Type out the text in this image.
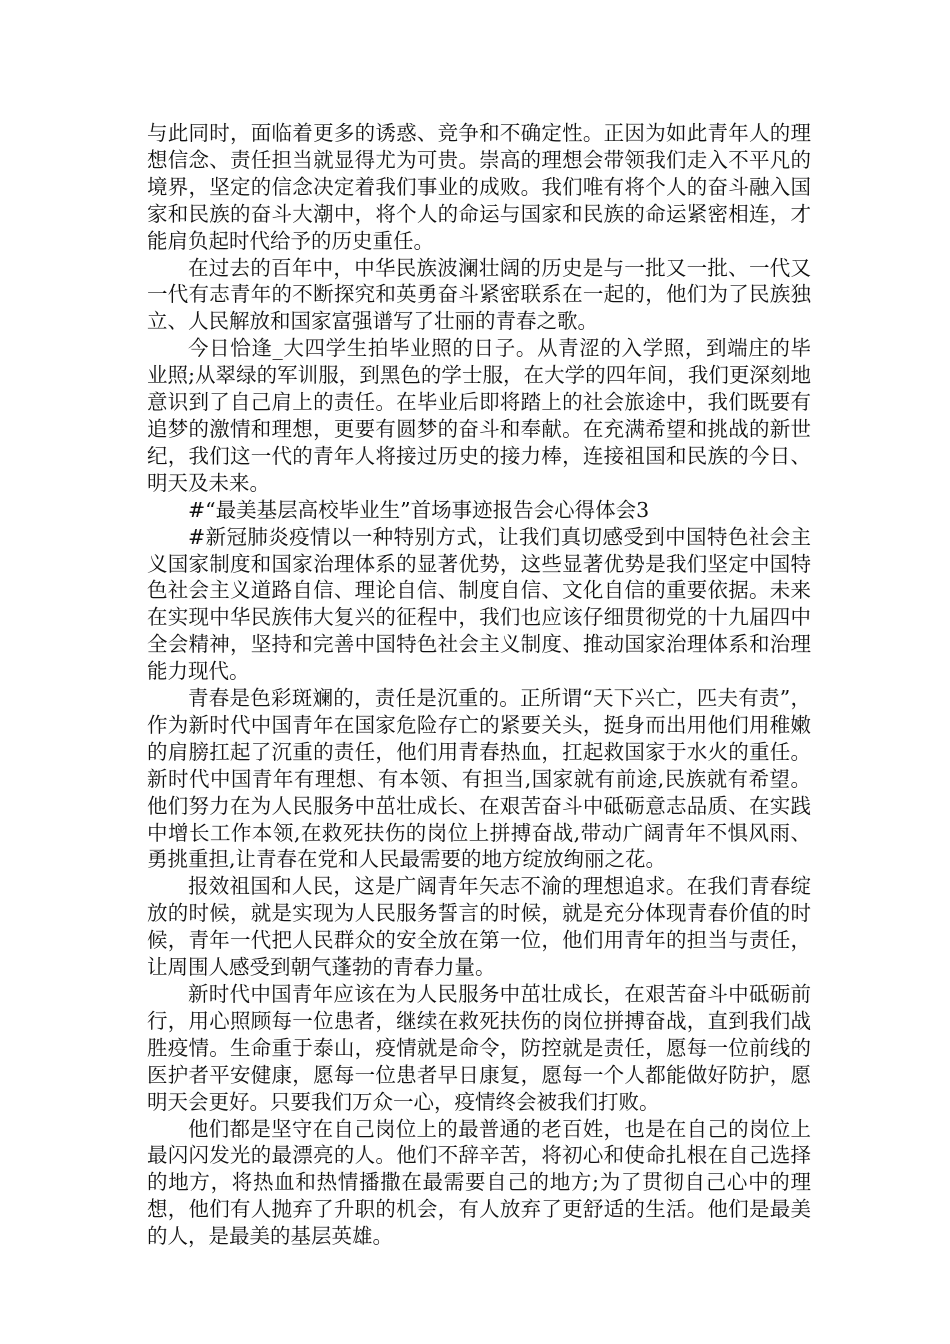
与此同时，面临着更多的诱惑、竞争和不确定性。正因为如此青年人的理想信念、责任担当就显得尤为可贵。崇高的理想会带领我们走入不平凡的境界，坚定的信念决定着我们事业的成败。我们唯有将个人的奋斗融入国家和民族的奋斗大潮中，将个人的命运与国家和民族的命运紧密相连，才能肩负起时代给予的历史重任。

在过去的百年中，中华民族波澜壮阔的历史是与一批又一批、一代又一代有志青年的不断探究和英勇奋斗紧密联系在一起的，他们为了民族独立、人民解放和国家富强谱写了壮丽的青春之歌。

今日恰逢_大四学生拍毕业照的日子。从青涩的入学照，到端庄的毕业照;从翠绿的军训服，到黑色的学士服，在大学的四年间，我们更深刻地意识到了自己肩上的责任。在毕业后即将踏上的社会旅途中，我们既要有追梦的激情和理想，更要有圆梦的奋斗和奉献。在充满希望和挑战的新世纪，我们这一代的青年人将接过历史的接力棒，连接祖国和民族的今日、明天及未来。

#“最美基层高校毕业生”首场事迹报告会心得体会3

#新冠肺炎疫情以一种特别方式，让我们真切感受到中国特色社会主义国家制度和国家治理体系的显著优势，这些显著优势是我们坚定中国特色社会主义道路自信、理论自信、制度自信、文化自信的重要依据。未来在实现中华民族伟大复兴的征程中，我们也应该仔细贯彻党的十九届四中全会精神，坚持和完善中国特色社会主义制度、推动国家治理体系和治理能力现代。

青春是色彩斑斓的，责任是沉重的。正所谓“天下兴亡，匹夫有责”，作为新时代中国青年在国家危险存亡的紧要关头，挺身而出用他们用稚嫩的肩膀扛起了沉重的责任，他们用青春热血，扛起救国家于水火的重任。新时代中国青年有理想、有本领、有担当,国家就有前途,民族就有希望。他们努力在为人民服务中茁壮成长、在艰苦奋斗中砥砺意志品质、在实践中增长工作本领,在救死扶伤的岗位上拼搏奋战,带动广阔青年不惧风雨、勇挑重担,让青春在党和人民最需要的地方绽放绚丽之花。

报效祖国和人民，这是广阔青年矢志不渝的理想追求。在我们青春绽放的时候，就是实现为人民服务誓言的时候，就是充分体现青春价值的时候，青年一代把人民群众的安全放在第一位，他们用青年的担当与责任，让周围人感受到朝气蓬勃的青春力量。

新时代中国青年应该在为人民服务中茁壮成长，在艰苦奋斗中砥砺前行，用心照顾每一位患者，继续在救死扶伤的岗位拼搏奋战，直到我们战胜疫情。生命重于泰山，疫情就是命令，防控就是责任，愿每一位前线的医护者平安健康，愿每一位患者早日康复，愿每一个人都能做好防护，愿明天会更好。只要我们万众一心，疫情终会被我们打败。

他们都是坚守在自己岗位上的最普通的老百姓，也是在自己的岗位上最闪闪发光的最漂亮的人。他们不辞辛苦，将初心和使命扎根在自己选择的地方，将热血和热情播撒在最需要自己的地方;为了贯彻自己心中的理想，他们有人抛弃了升职的机会，有人放弃了更舒适的生活。他们是最美的人，是最美的基层英雄。
